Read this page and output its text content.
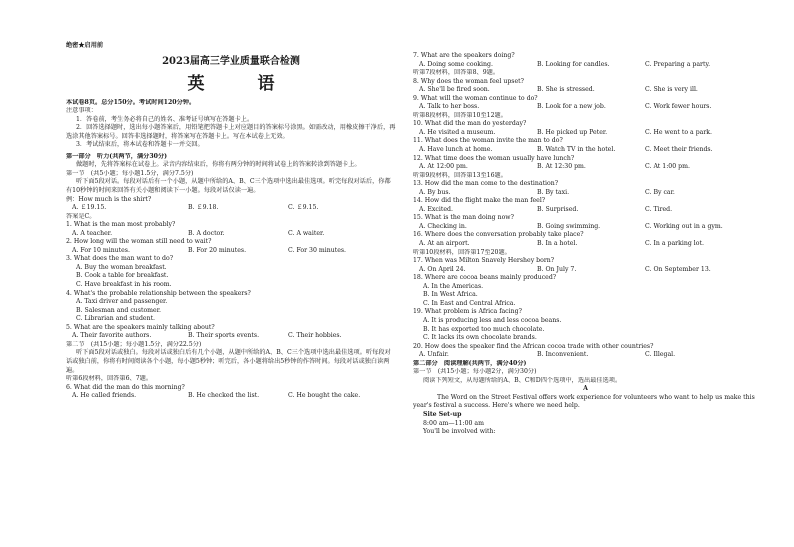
绝密★启用前
2023届高三学业质量联合检测
英　语
本试卷8页。总分150分。考试时间120分钟。
注意事项：
1．答卷前，考生务必将自己的姓名、准考证号填写在答题卡上。
2．回答选择题时，选出每小题答案后，用铅笔把答题卡上对应题目的答案标号涂黑。如需改动，用橡皮擦干净后，再选涂其他答案标号。回答非选择题时，将答案写在答题卡上。写在本试卷上无效。
3．考试结束后，将本试卷和答题卡一并交回。
第一部分　听力(共两节，满分30分)
做题时，先将答案标在试卷上。录音内容结束后，你将有两分钟的时间将试卷上的答案转涂到答题卡上。
第一节　(共5小题；每小题1.5分，满分7.5分)
听下面5段对话。每段对话后有一个小题，从题中所给的A、B、C三个选项中选出最佳选项。听完每段对话后，你都有10秒钟的时间来回答有关小题和阅读下一小题。每段对话仅读一遍。
例：How much is the shirt?
A. ￡19.15.	B. ￡9.18.	C. ￡9.15.
答案是C。
1. What is the man most probably?
A. A teacher.	B. A doctor.	C. A waiter.
2. How long will the woman still need to wait?
A. For 10 minutes.	B. For 20 minutes.	C. For 30 minutes.
3. What does the man want to do?
A. Buy the woman breakfast.
B. Cook a table for breakfast.
C. Have breakfast in his room.
4. What's the probable relationship between the speakers?
A. Taxi driver and passenger.
B. Salesman and customer.
C. Librarian and student.
5. What are the speakers mainly talking about?
A. Their favorite authors.	B. Their sports events.	C. Their hobbies.
第二节　(共15小题；每小题1.5分，满分22.5分)
听下面5段对话或独白。每段对话或独白后有几个小题，从题中所给的A、B、C三个选项中选出最佳选项。听每段对话或独白前，你将有时间阅读各个小题，每小题5秒钟；听完后，各小题将给出5秒钟的作答时间。每段对话或独白读两遍。
听第6段材料，回答第6、7题。
6. What did the man do this morning?
A. He called friends.	B. He checked the list.	C. He bought the cake.
7. What are the speakers doing?
A. Doing some cooking.	B. Looking for candles.	C. Preparing a party.
听第7段材料，回答第8、9题。
8. Why does the woman feel upset?
A. She'll be fired soon.	B. She is stressed.	C. She is very ill.
9. What will the woman continue to do?
A. Talk to her boss.	B. Look for a new job.	C. Work fewer hours.
听第8段材料，回答第10至12题。
10. What did the man do yesterday?
A. He visited a museum.	B. He picked up Peter.	C. He went to a park.
11. What does the woman invite the man to do?
A. Have lunch at home.	B. Watch TV in the hotel.	C. Meet their friends.
12. What time does the woman usually have lunch?
A. At 12:00 pm.	B. At 12:30 pm.	C. At 1:00 pm.
听第9段材料，回答第13至16题。
13. How did the man come to the destination?
A. By bus.	B. By taxi.	C. By car.
14. How did the flight make the man feel?
A. Excited.	B. Surprised.	C. Tired.
15. What is the man doing now?
A. Checking in.	B. Going swimming.	C. Working out in a gym.
16. Where does the conversation probably take place?
A. At an airport.	B. In a hotel.	C. In a parking lot.
听第10段材料，回答第17至20题。
17. When was Milton Snavely Hershey born?
A. On April 24.	B. On July 7.	C. On September 13.
18. Where are cocoa beans mainly produced?
A. In the Americas.
B. In West Africa.
C. In East and Central Africa.
19. What problem is Africa facing?
A. It is producing less and less cocoa beans.
B. It has exported too much chocolate.
C. It lacks its own chocolate brands.
20. How does the speaker find the African cocoa trade with other countries?
A. Unfair.	B. Inconvenient.	C. Illegal.
第二部分　阅读理解(共两节，满分40分)
第一节　(共15小题；每小题2分，满分30分)
阅读下列短文，从每题所给的A、B、C和D四个选项中，选出最佳选项。
A
The Word on the Street Festival offers work experience for volunteers who want to help us make this year's festival a success. Here's where we need help.
Site Set-up
8:00 am—11:00 am
You'll be involved with:
